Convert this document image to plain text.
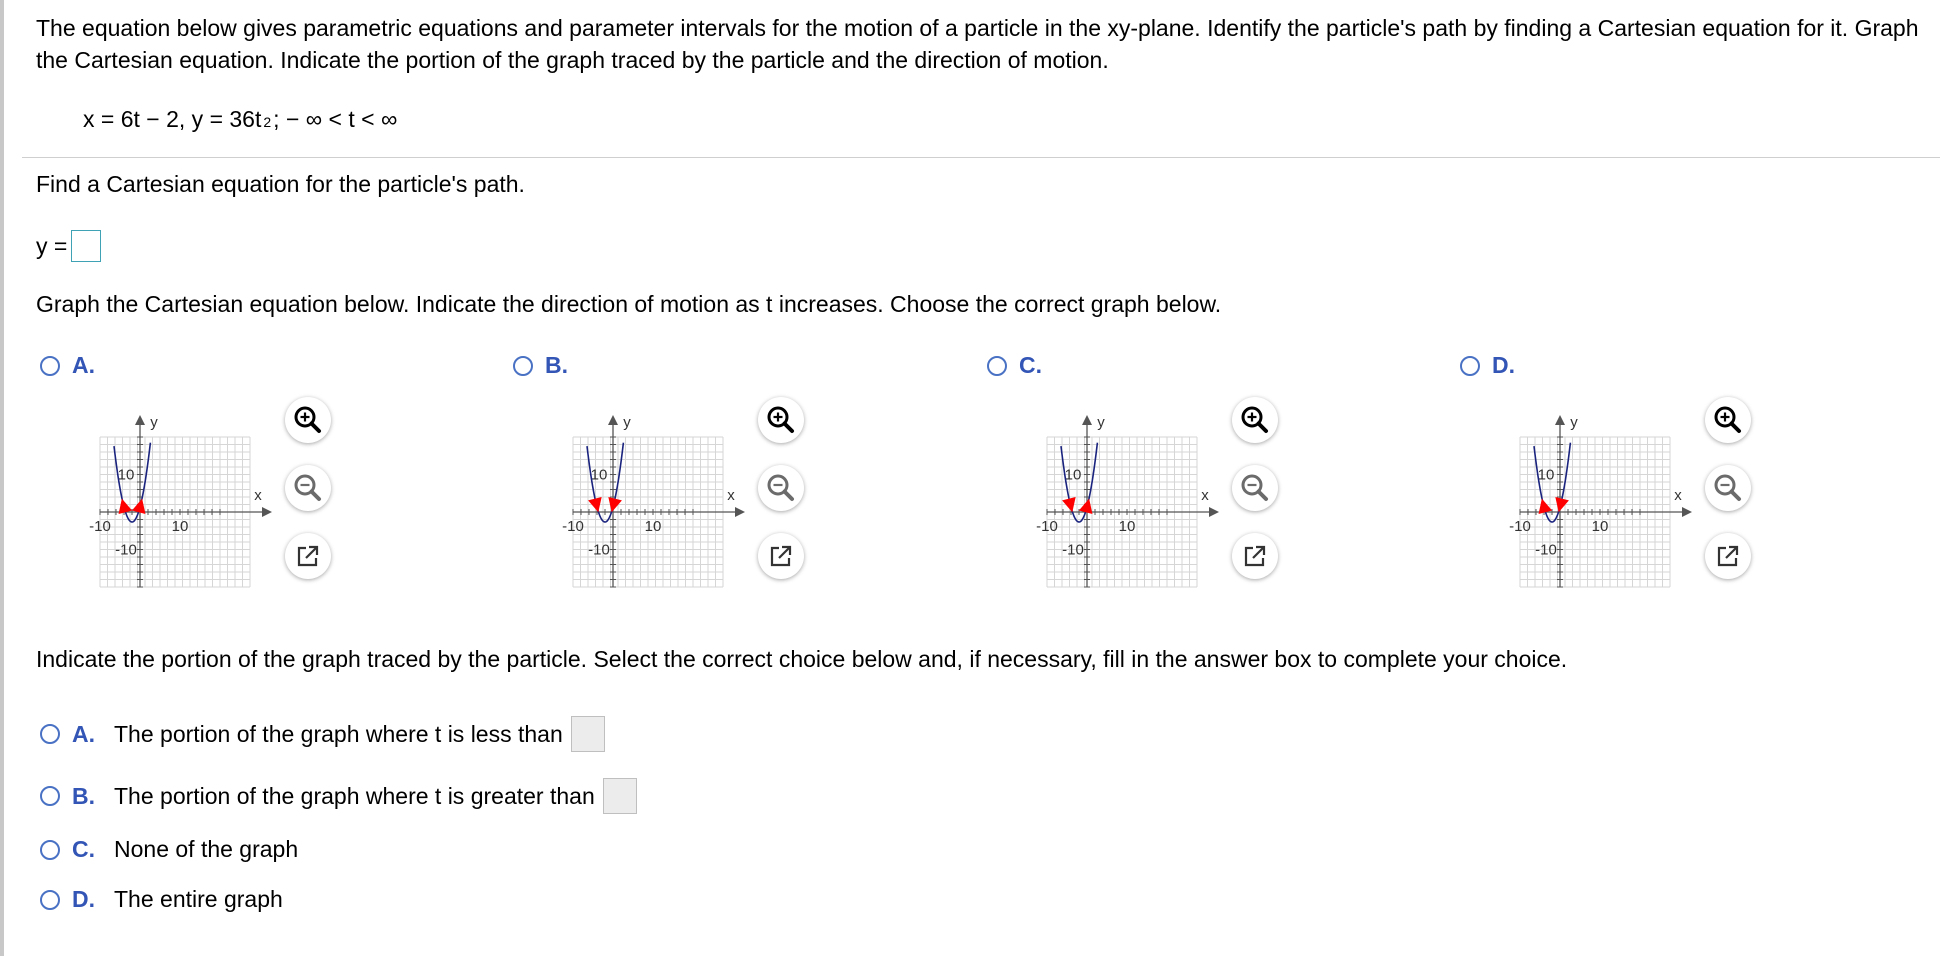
The equation below gives parametric equations and parameter intervals for the motion of a particle in the xy-plane. Identify the particle's path by finding a Cartesian equation for it. Graph the Cartesian equation. Indicate the portion of the graph traced by the particle and the direction of motion.
x = 6t − 2, y = 36t 2 ; − ∞ < t < ∞
Find a Cartesian equation for the particle's path.
y =
Graph the Cartesian equation below. Indicate the direction of motion as t increases. Choose the correct graph below.
A.
-10	10
10
-10
x
y
B.
-10	10
10
-10
x
y
C.
-10	10
10
-10
x
y
D.
-10	10
10
-10
x
y
Indicate the portion of the graph traced by the particle. Select the correct choice below and, if necessary, fill in the answer box to complete your choice.
A. The portion of the graph where t is less than
B. The portion of the graph where t is greater than
C. None of the graph
D. The entire graph
